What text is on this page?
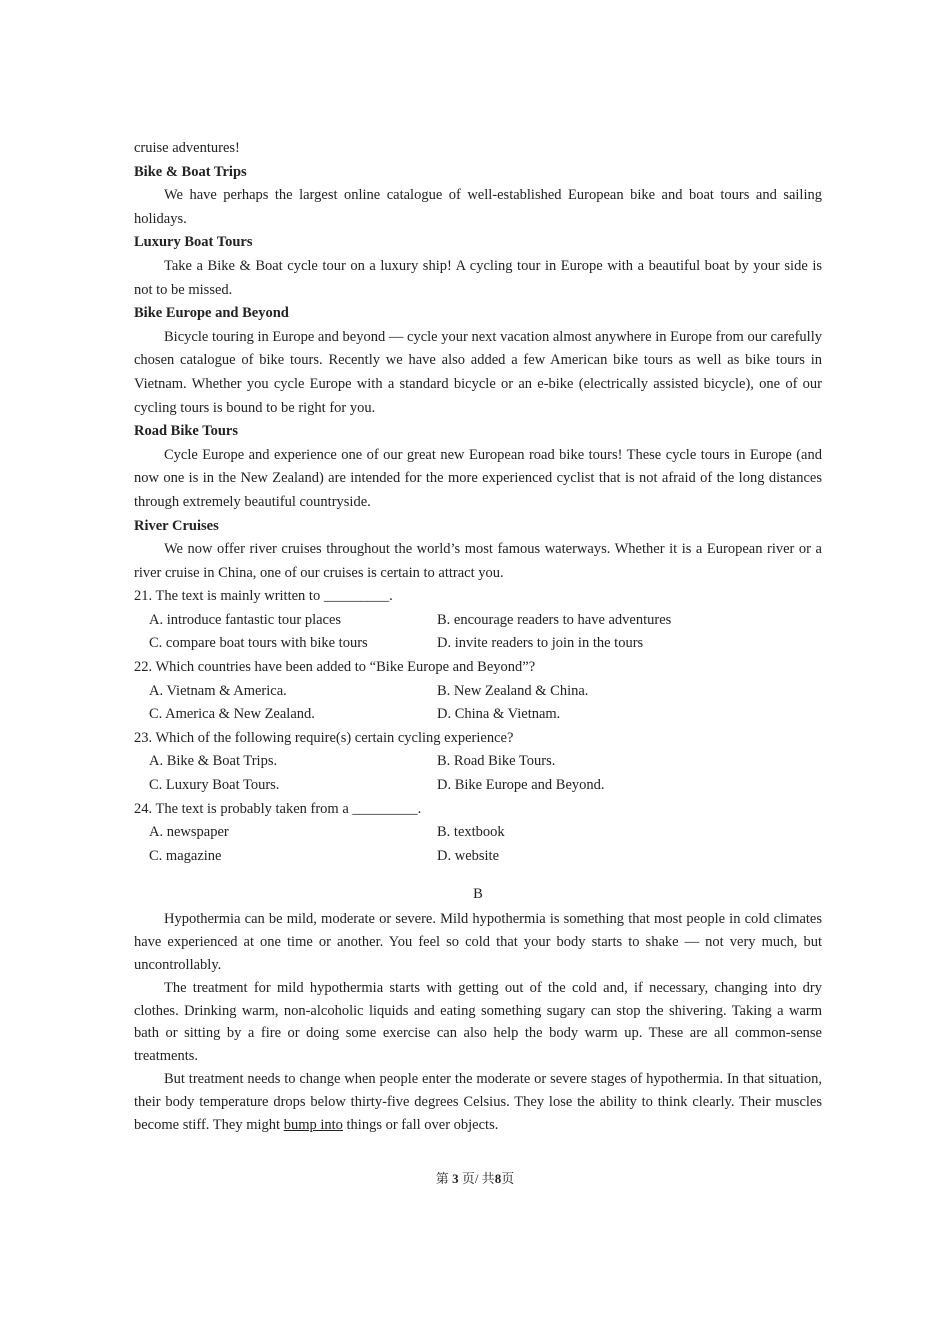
cruise adventures!

Bike & Boat Trips

We have perhaps the largest online catalogue of well-established European bike and boat tours and sailing holidays.

Luxury Boat Tours

Take a Bike & Boat cycle tour on a luxury ship! A cycling tour in Europe with a beautiful boat by your side is not to be missed.

Bike Europe and Beyond

Bicycle touring in Europe and beyond — cycle your next vacation almost anywhere in Europe from our carefully chosen catalogue of bike tours. Recently we have also added a few American bike tours as well as bike tours in Vietnam. Whether you cycle Europe with a standard bicycle or an e-bike (electrically assisted bicycle), one of our cycling tours is bound to be right for you.

Road Bike Tours

Cycle Europe and experience one of our great new European road bike tours! These cycle tours in Europe (and now one is in the New Zealand) are intended for the more experienced cyclist that is not afraid of the long distances through extremely beautiful countryside.

River Cruises

We now offer river cruises throughout the world’s most famous waterways. Whether it is a European river or a river cruise in China, one of our cruises is certain to attract you.

21. The text is mainly written to _________.

A. introduce fantastic tour places	B. encourage readers to have adventures
C. compare boat tours with bike tours	D. invite readers to join in the tours

22. Which countries have been added to “Bike Europe and Beyond”?

A. Vietnam & America.	B. New Zealand & China.
C. America & New Zealand.	D. China & Vietnam.

23. Which of the following require(s) certain cycling experience?

A. Bike & Boat Trips.	B. Road Bike Tours.
C. Luxury Boat Tours.	D. Bike Europe and Beyond.

24. The text is probably taken from a _________.

A. newspaper	B. textbook
C. magazine	D. website

B

Hypothermia can be mild, moderate or severe. Mild hypothermia is something that most people in cold climates have experienced at one time or another. You feel so cold that your body starts to shake — not very much, but uncontrollably.

The treatment for mild hypothermia starts with getting out of the cold and, if necessary, changing into dry clothes. Drinking warm, non-alcoholic liquids and eating something sugary can stop the shivering. Taking a warm bath or sitting by a fire or doing some exercise can also help the body warm up. These are all common-sense treatments.

But treatment needs to change when people enter the moderate or severe stages of hypothermia. In that situation, their body temperature drops below thirty-five degrees Celsius. They lose the ability to think clearly. Their muscles become stiff. They might bump into things or fall over objects.

第 3 页/ 共8页
